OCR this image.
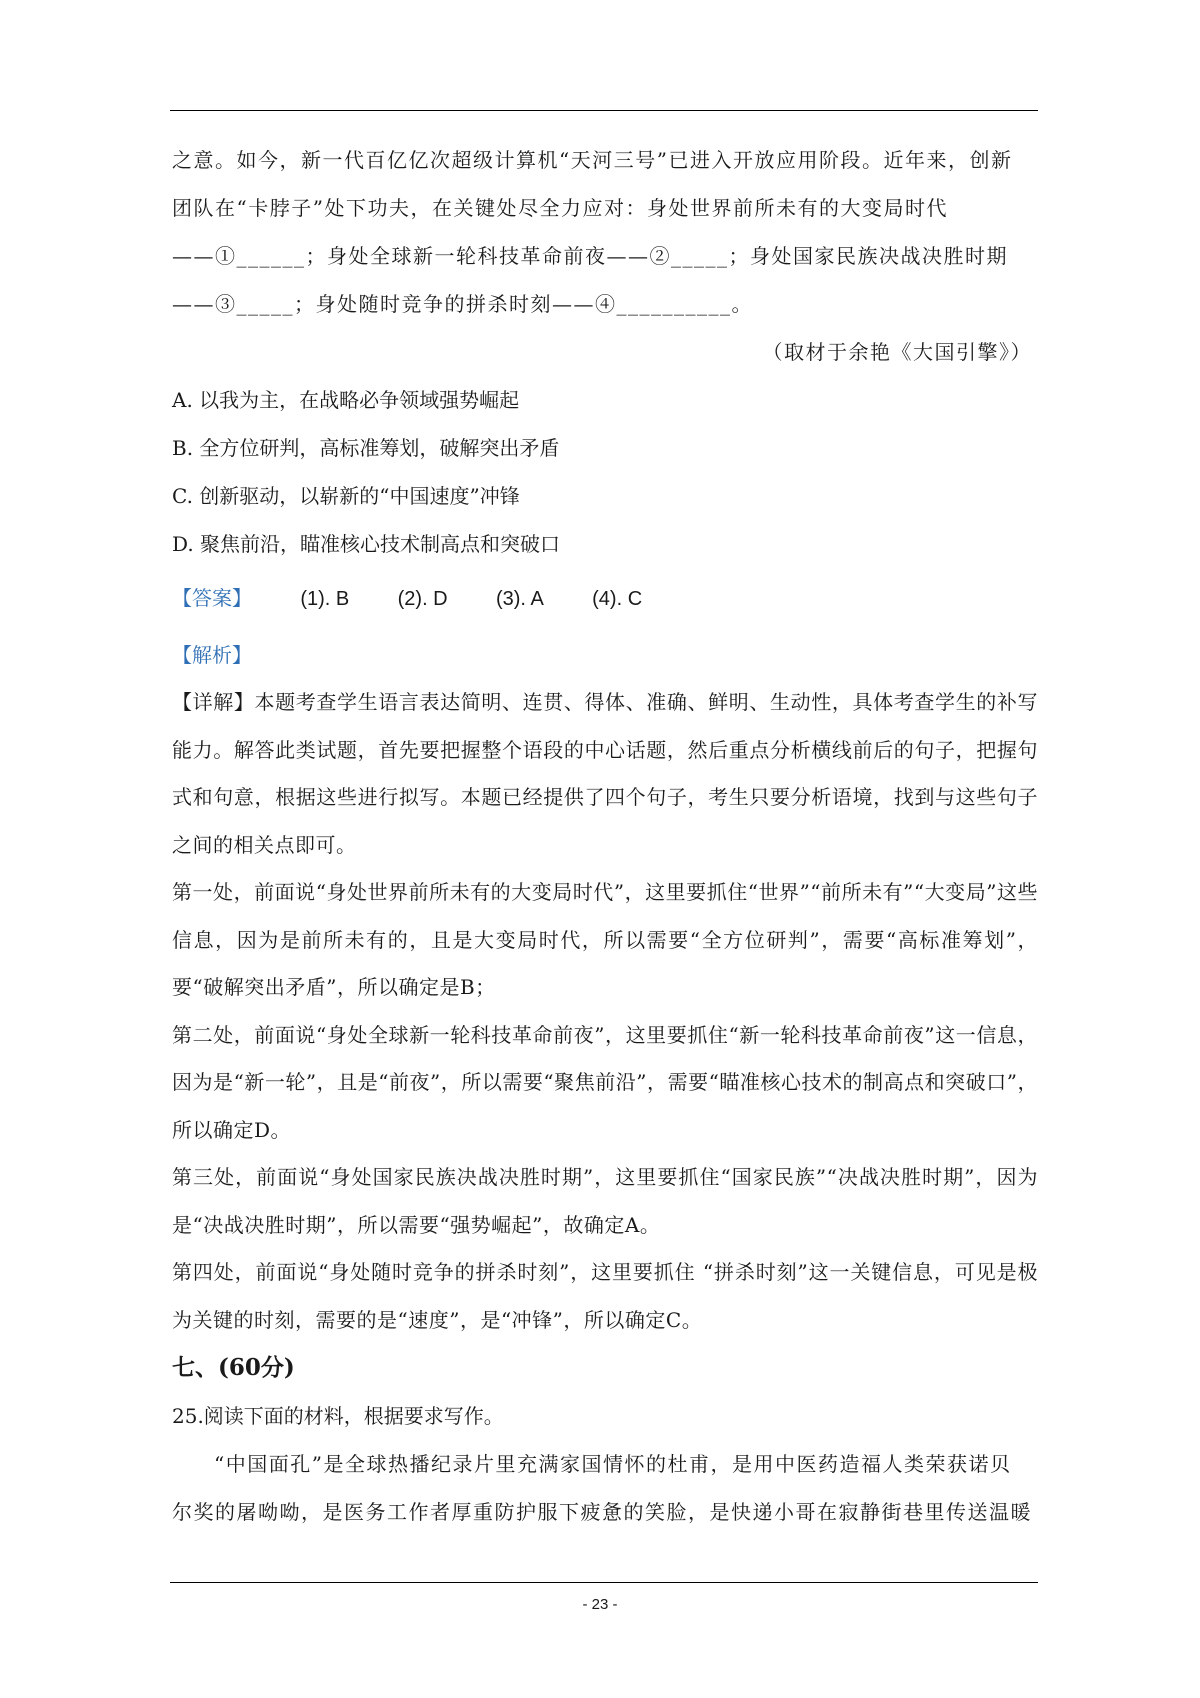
之意。如今，新一代百亿亿次超级计算机“天河三号”已进入开放应用阶段。近年来，创新
团队在“卡脖子”处下功夫，在关键处尽全力应对：身处世界前所未有的大变局时代
——①______；身处全球新一轮科技革命前夜——②_____；身处国家民族决战决胜时期
——③_____；身处随时竞争的拼杀时刻——④__________。
（取材于余艳《大国引擎》）
A. 以我为主，在战略必争领域强势崛起
B. 全方位研判，高标准筹划，破解突出矛盾
C. 创新驱动，以崭新的“中国速度”冲锋
D. 聚焦前沿，瞄准核心技术制高点和突破口
【答案】 (1). B (2). D (3). A (4). C
【解析】
【详解】本题考查学生语言表达简明、连贯、得体、准确、鲜明、生动性，具体考查学生的补写能力。解答此类试题，首先要把握整个语段的中心话题，然后重点分析横线前后的句子，把握句式和句意，根据这些进行拟写。本题已经提供了四个句子，考生只要分析语境，找到与这些句子之间的相关点即可。
第一处，前面说“身处世界前所未有的大变局时代”，这里要抓住“世界”“前所未有”“大变局”这些信息，因为是前所未有的，且是大变局时代，所以需要“全方位研判”，需要“高标准筹划”，要“破解突出矛盾”，所以确定是B；
第二处，前面说“身处全球新一轮科技革命前夜”，这里要抓住“新一轮科技革命前夜”这一信息，因为是“新一轮”，且是“前夜”，所以需要“聚焦前沿”，需要“瞄准核心技术的制高点和突破口”，所以确定D。
第三处，前面说“身处国家民族决战决胜时期”，这里要抓住“国家民族”“决战决胜时期”，因为是“决战决胜时期”，所以需要“强势崛起”，故确定A。
第四处，前面说“身处随时竞争的拼杀时刻”，这里要抓住 “拼杀时刻”这一关键信息，可见是极为关键的时刻，需要的是“速度”，是“冲锋”，所以确定C。
七、(60分)
25.阅读下面的材料，根据要求写作。
“中国面孔”是全球热播纪录片里充满家国情怀的杜甫，是用中医药造福人类荣获诺贝
尔奖的屠呦呦，是医务工作者厚重防护服下疲惫的笑脸，是快递小哥在寂静街巷里传送温暖
- 23 -
